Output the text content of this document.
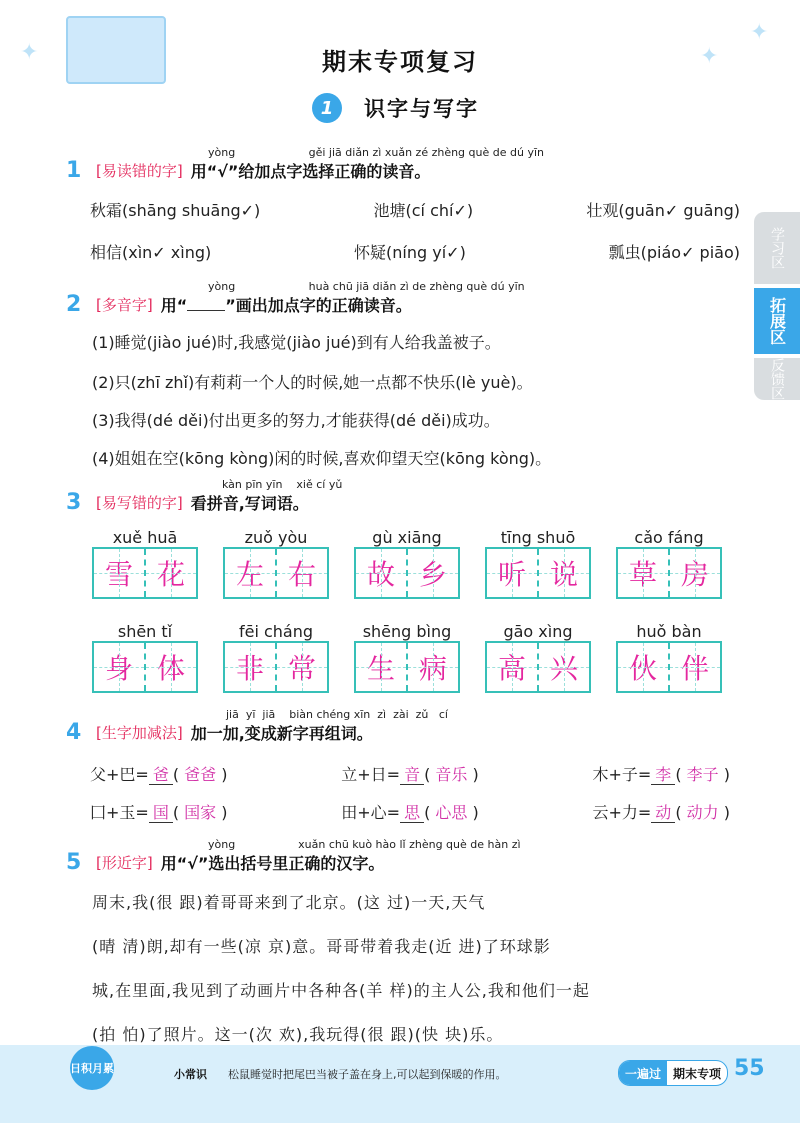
✦	✦
✦
期末专项复习
1	识字与写字
学习区
拓展区
反馈区
yòng                     gěi jiā diǎn zì xuǎn zé zhèng què de dú yīn
1 [易读错的字] 用“√”给加点字选择正确的读音。
秋霜(shāng shuāng✓)	池塘(cí chí✓)	壮观(guān✓ guāng)
相信(xìn✓ xìng)	怀疑(níng yí✓)	瓢虫(piáo✓ piāo)
yòng                     huà chū jiā diǎn zì de zhèng què dú yīn
2 [多音字] 用“ ”画出加点字的正确读音。
(1)睡觉(jiào jué)时,我感觉(jiào jué)到有人给我盖被子。
(2)只(zhī zhǐ)有莉莉一个人的时候,她一点都不快乐(lè yuè)。
(3)我得(dé děi)付出更多的努力,才能获得(dé děi)成功。
(4)姐姐在空(kōng kòng)闲的时候,喜欢仰望天空(kōng kòng)。
kàn pīn yīn    xiě cí yǔ
3 [易写错的字] 看拼音,写词语。
xuě huā
雪 花
zuǒ yòu
左 右
gù xiāng
故 乡
tīng shuō
听 说
cǎo fáng
草 房
shēn tǐ
身 体
fēi cháng
非 常
shēng bìng
生 病
gāo xìng
高 兴
huǒ bàn
伙 伴
jiā  yī  jiā    biàn chéng xīn  zì  zài  zǔ   cí
4 [生字加减法] 加一加,变成新字再组词。
父+巴= 爸 ( 爸爸 )	立+日= 音 ( 音乐 )	木+子= 李 ( 李子 )
囗+玉= 国 ( 国家 )	田+心= 思 ( 心思 )	云+力= 动 ( 动力 )
yòng                  xuǎn chū kuò hào lǐ zhèng què de hàn zì
5 [形近字] 用“√”选出括号里正确的汉字。
周末,我(很 跟)着哥哥来到了北京。(这 过)一天,天气
(晴 清)朗,却有一些(凉 京)意。哥哥带着我走(近 进)了环球影
城,在里面,我见到了动画片中各种各(羊 样)的主人公,我和他们一起
(拍 怕)了照片。这一(次 欢),我玩得(很 跟)(快 块)乐。
日积月累	小常识 松鼠睡觉时把尾巴当被子盖在身上,可以起到保暖的作用。	一遍过	期末专项 55
